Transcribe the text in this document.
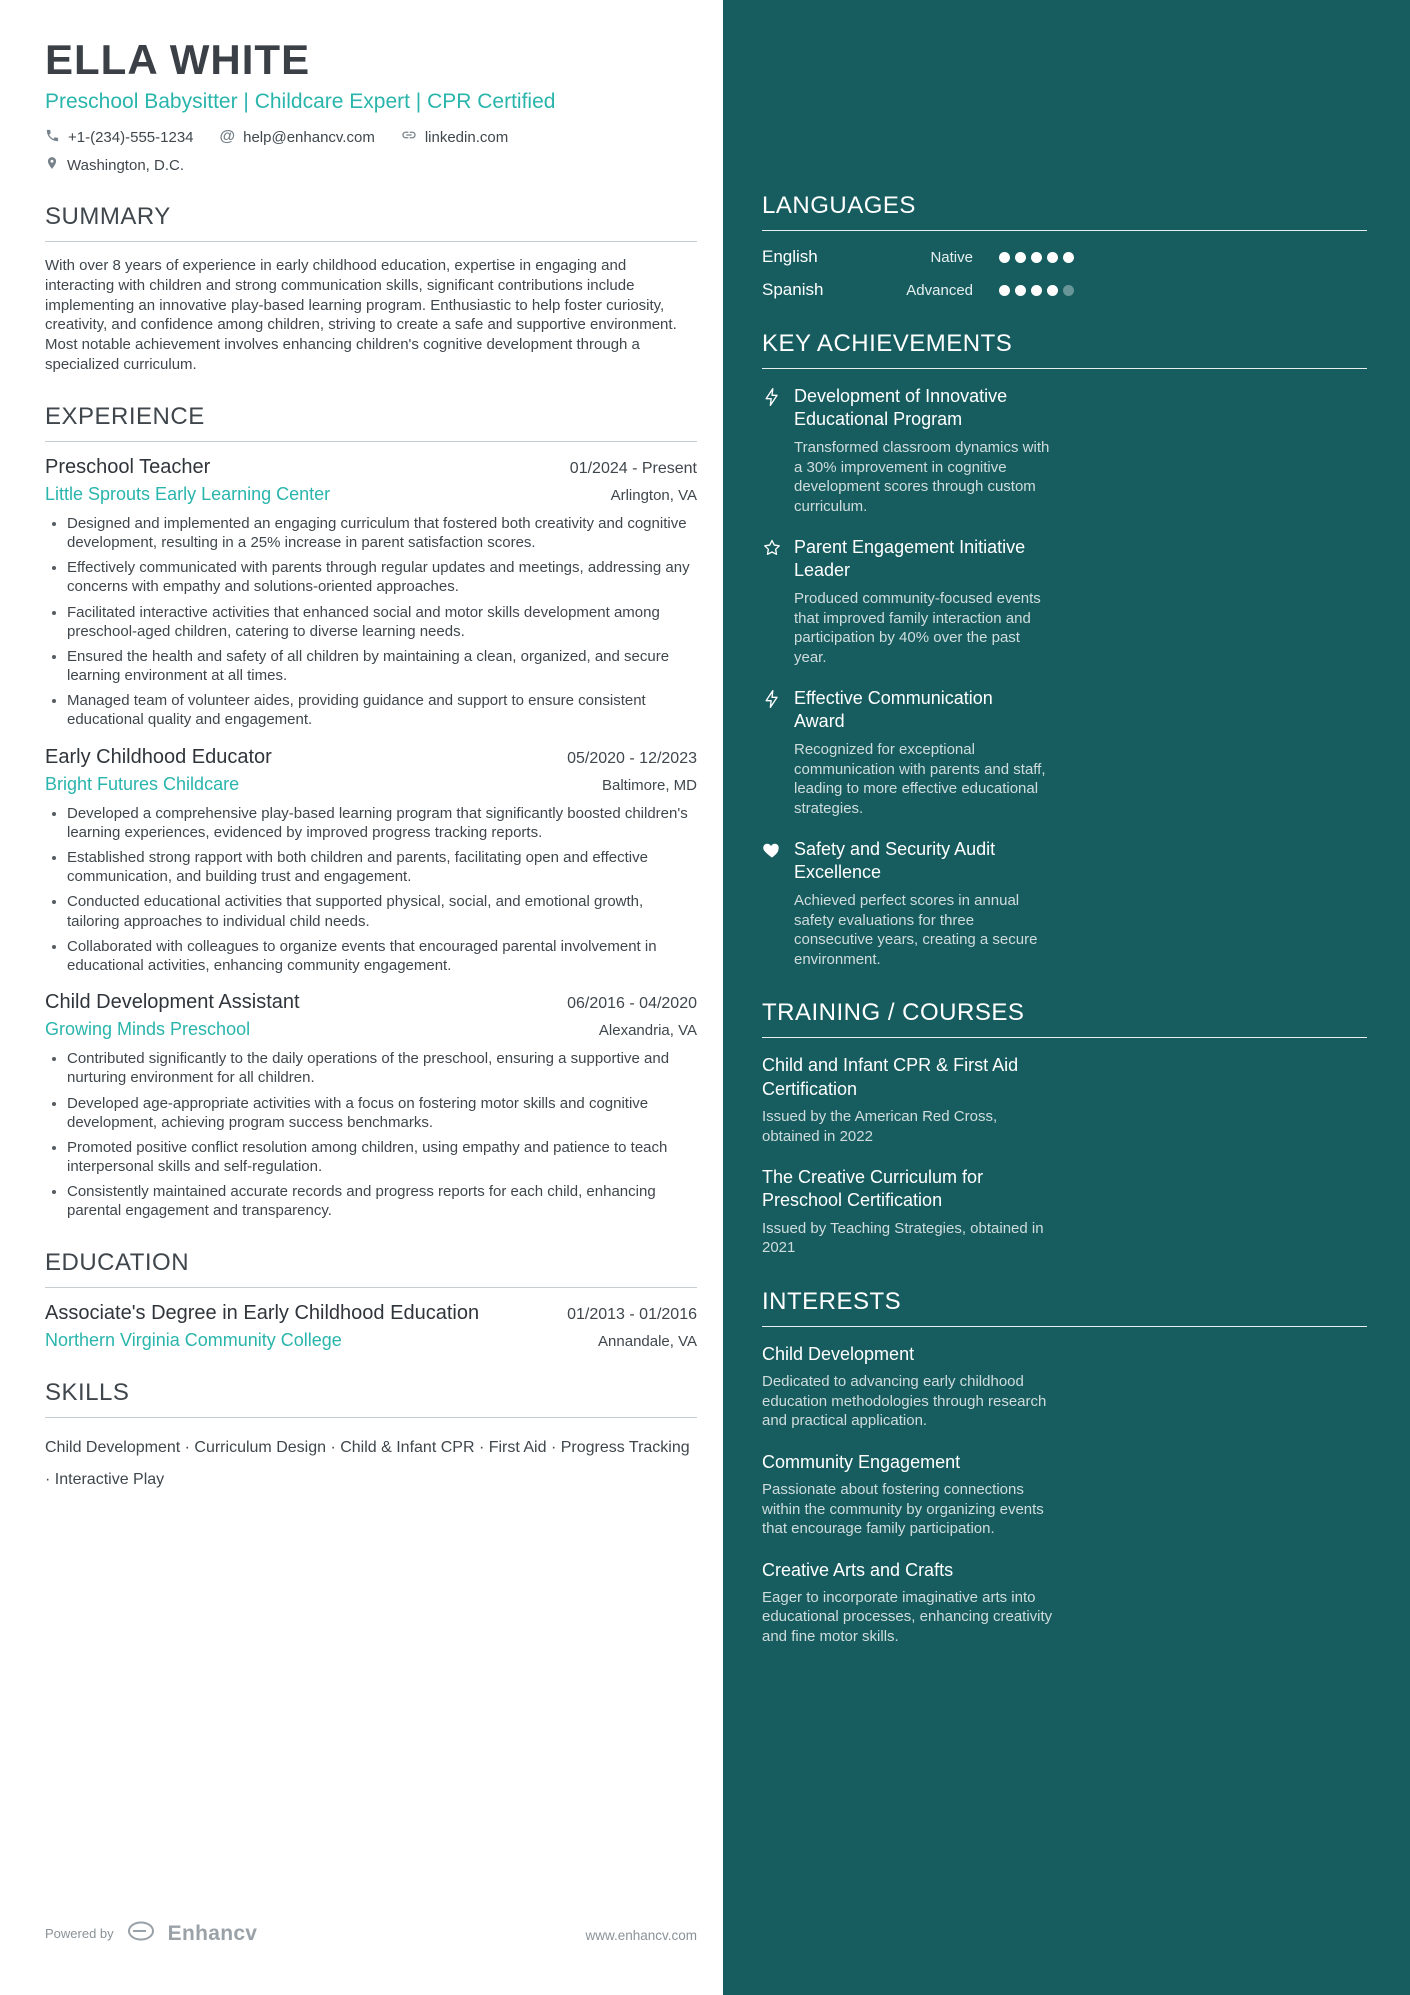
LANGUAGES
English	Native
Spanish	Advanced
KEY ACHIEVEMENTS
Development of Innovative Educational Program
Transformed classroom dynamics with a 30% improvement in cognitive development scores through custom curriculum.
Parent Engagement Initiative Leader
Produced community-focused events that improved family interaction and participation by 40% over the past year.
Effective Communication Award
Recognized for exceptional communication with parents and staff, leading to more effective educational strategies.
Safety and Security Audit Excellence
Achieved perfect scores in annual safety evaluations for three consecutive years, creating a secure environment.
TRAINING / COURSES
Child and Infant CPR & First Aid Certification
Issued by the American Red Cross, obtained in 2022
The Creative Curriculum for Preschool Certification
Issued by Teaching Strategies, obtained in 2021
INTERESTS
Child Development
Dedicated to advancing early childhood education methodologies through research and practical application.
Community Engagement
Passionate about fostering connections within the community by organizing events that encourage family participation.
Creative Arts and Crafts
Eager to incorporate imaginative arts into educational processes, enhancing creativity and fine motor skills.
ELLA WHITE
Preschool Babysitter | Childcare Expert | CPR Certified
+1-(234)-555-1234 @ help@enhancv.com	linkedin.com
Washington, D.C.
SUMMARY

With over 8 years of experience in early childhood education, expertise in engaging and interacting with children and strong communication skills, significant contributions include implementing an innovative play-based learning program. Enthusiastic to help foster curiosity, creativity, and confidence among children, striving to create a safe and supportive environment. Most notable achievement involves enhancing children's cognitive development through a specialized curriculum.

EXPERIENCE
Preschool Teacher	01/2024 - Present
Little Sprouts Early Learning Center	Arlington, VA
• Designed and implemented an engaging curriculum that fostered both creativity and cognitive development, resulting in a 25% increase in parent satisfaction scores.
• Effectively communicated with parents through regular updates and meetings, addressing any concerns with empathy and solutions-oriented approaches.
• Facilitated interactive activities that enhanced social and motor skills development among preschool-aged children, catering to diverse learning needs.
• Ensured the health and safety of all children by maintaining a clean, organized, and secure learning environment at all times.
• Managed team of volunteer aides, providing guidance and support to ensure consistent educational quality and engagement.
Early Childhood Educator	05/2020 - 12/2023
Bright Futures Childcare	Baltimore, MD
• Developed a comprehensive play-based learning program that significantly boosted children's learning experiences, evidenced by improved progress tracking reports.
• Established strong rapport with both children and parents, facilitating open and effective communication, and building trust and engagement.
• Conducted educational activities that supported physical, social, and emotional growth, tailoring approaches to individual child needs.
• Collaborated with colleagues to organize events that encouraged parental involvement in educational activities, enhancing community engagement.
Child Development Assistant	06/2016 - 04/2020
Growing Minds Preschool	Alexandria, VA
• Contributed significantly to the daily operations of the preschool, ensuring a supportive and nurturing environment for all children.
• Developed age-appropriate activities with a focus on fostering motor skills and cognitive development, achieving program success benchmarks.
• Promoted positive conflict resolution among children, using empathy and patience to teach interpersonal skills and self-regulation.
• Consistently maintained accurate records and progress reports for each child, enhancing parental engagement and transparency.
EDUCATION
Associate's Degree in Early Childhood Education	01/2013 - 01/2016
Northern Virginia Community College	Annandale, VA
SKILLS

Child Development · Curriculum Design · Child & Infant CPR · First Aid · Progress Tracking · Interactive Play

Powered by	Enhancv	www.enhancv.com
